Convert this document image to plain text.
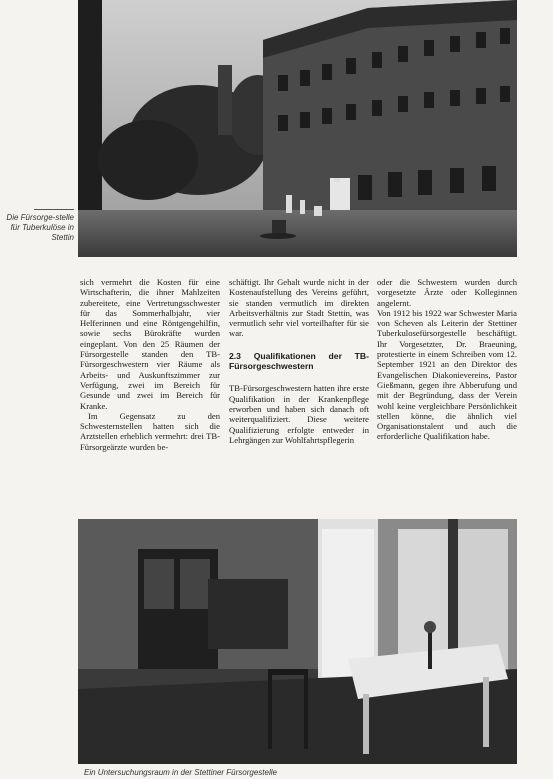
Die Fürsorge-stelle für Tuberkulöse in Stettin

sich vermehrt die Kosten für eine Wirtschafterin, die ihner Mahlzeiten zubereitete, eine Vertretungsschwester für das Sommerhalbjahr, vier Helferinnen und eine Röntgengehilfin, sowie sechs Bürokräfte wurden eingeplant. Von den 25 Räumen der Fürsorgestelle standen den TB-Fürsorgeschwestern vier Räume als Arbeits- und Auskunftszimmer zur Verfügung, zwei im Bereich für Gesunde und zwei im Bereich für Kranke.

Im Gegensatz zu den Schwesternstellen hatten sich die Arztstellen erheblich vermehrt: drei TB-Fürsorgeärzte wurden be-

schäftigt. Ihr Gehalt wurde nicht in der Kostenaufstellung des Vereins geführt, sie standen vermutlich im direkten Arbeitsverhältnis zur Stadt Stettin, was vermutlich sehr viel vorteilhafter für sie war.

2.3 Qualifikationen der TB-Fürsorgeschwestern

TB-Fürsorgeschwestern hatten ihre erste Qualifikation in der Krankenpflege erworben und haben sich danach oft weiterqualifiziert. Diese weitere Qualifizierung erfolgte entweder in Lehrgängen zur Wohlfahrtspflegerin

oder die Schwestern wurden durch vorgesetzte Ärzte oder Kolleginnen angelernt.

Von 1912 bis 1922 war Schwester Maria von Scheven als Leiterin der Stettiner Tuberkulosefürsorgestelle beschäftigt. Ihr Vorgesetzter, Dr. Braeuning, protestierte in einem Schreiben vom 12. September 1921 an den Direktor des Evangelischen Diakonievereins, Pastor Gießmann, gegen ihre Abberufung und mit der Begründung, dass der Verein wohl keine vergleichbare Persönlichkeit stellen könne, die ähnlich viel Organisationstalent und auch die erforderliche Qualifikation habe.

Ein Untersuchungsraum in der Stettiner Fürsorgestelle
